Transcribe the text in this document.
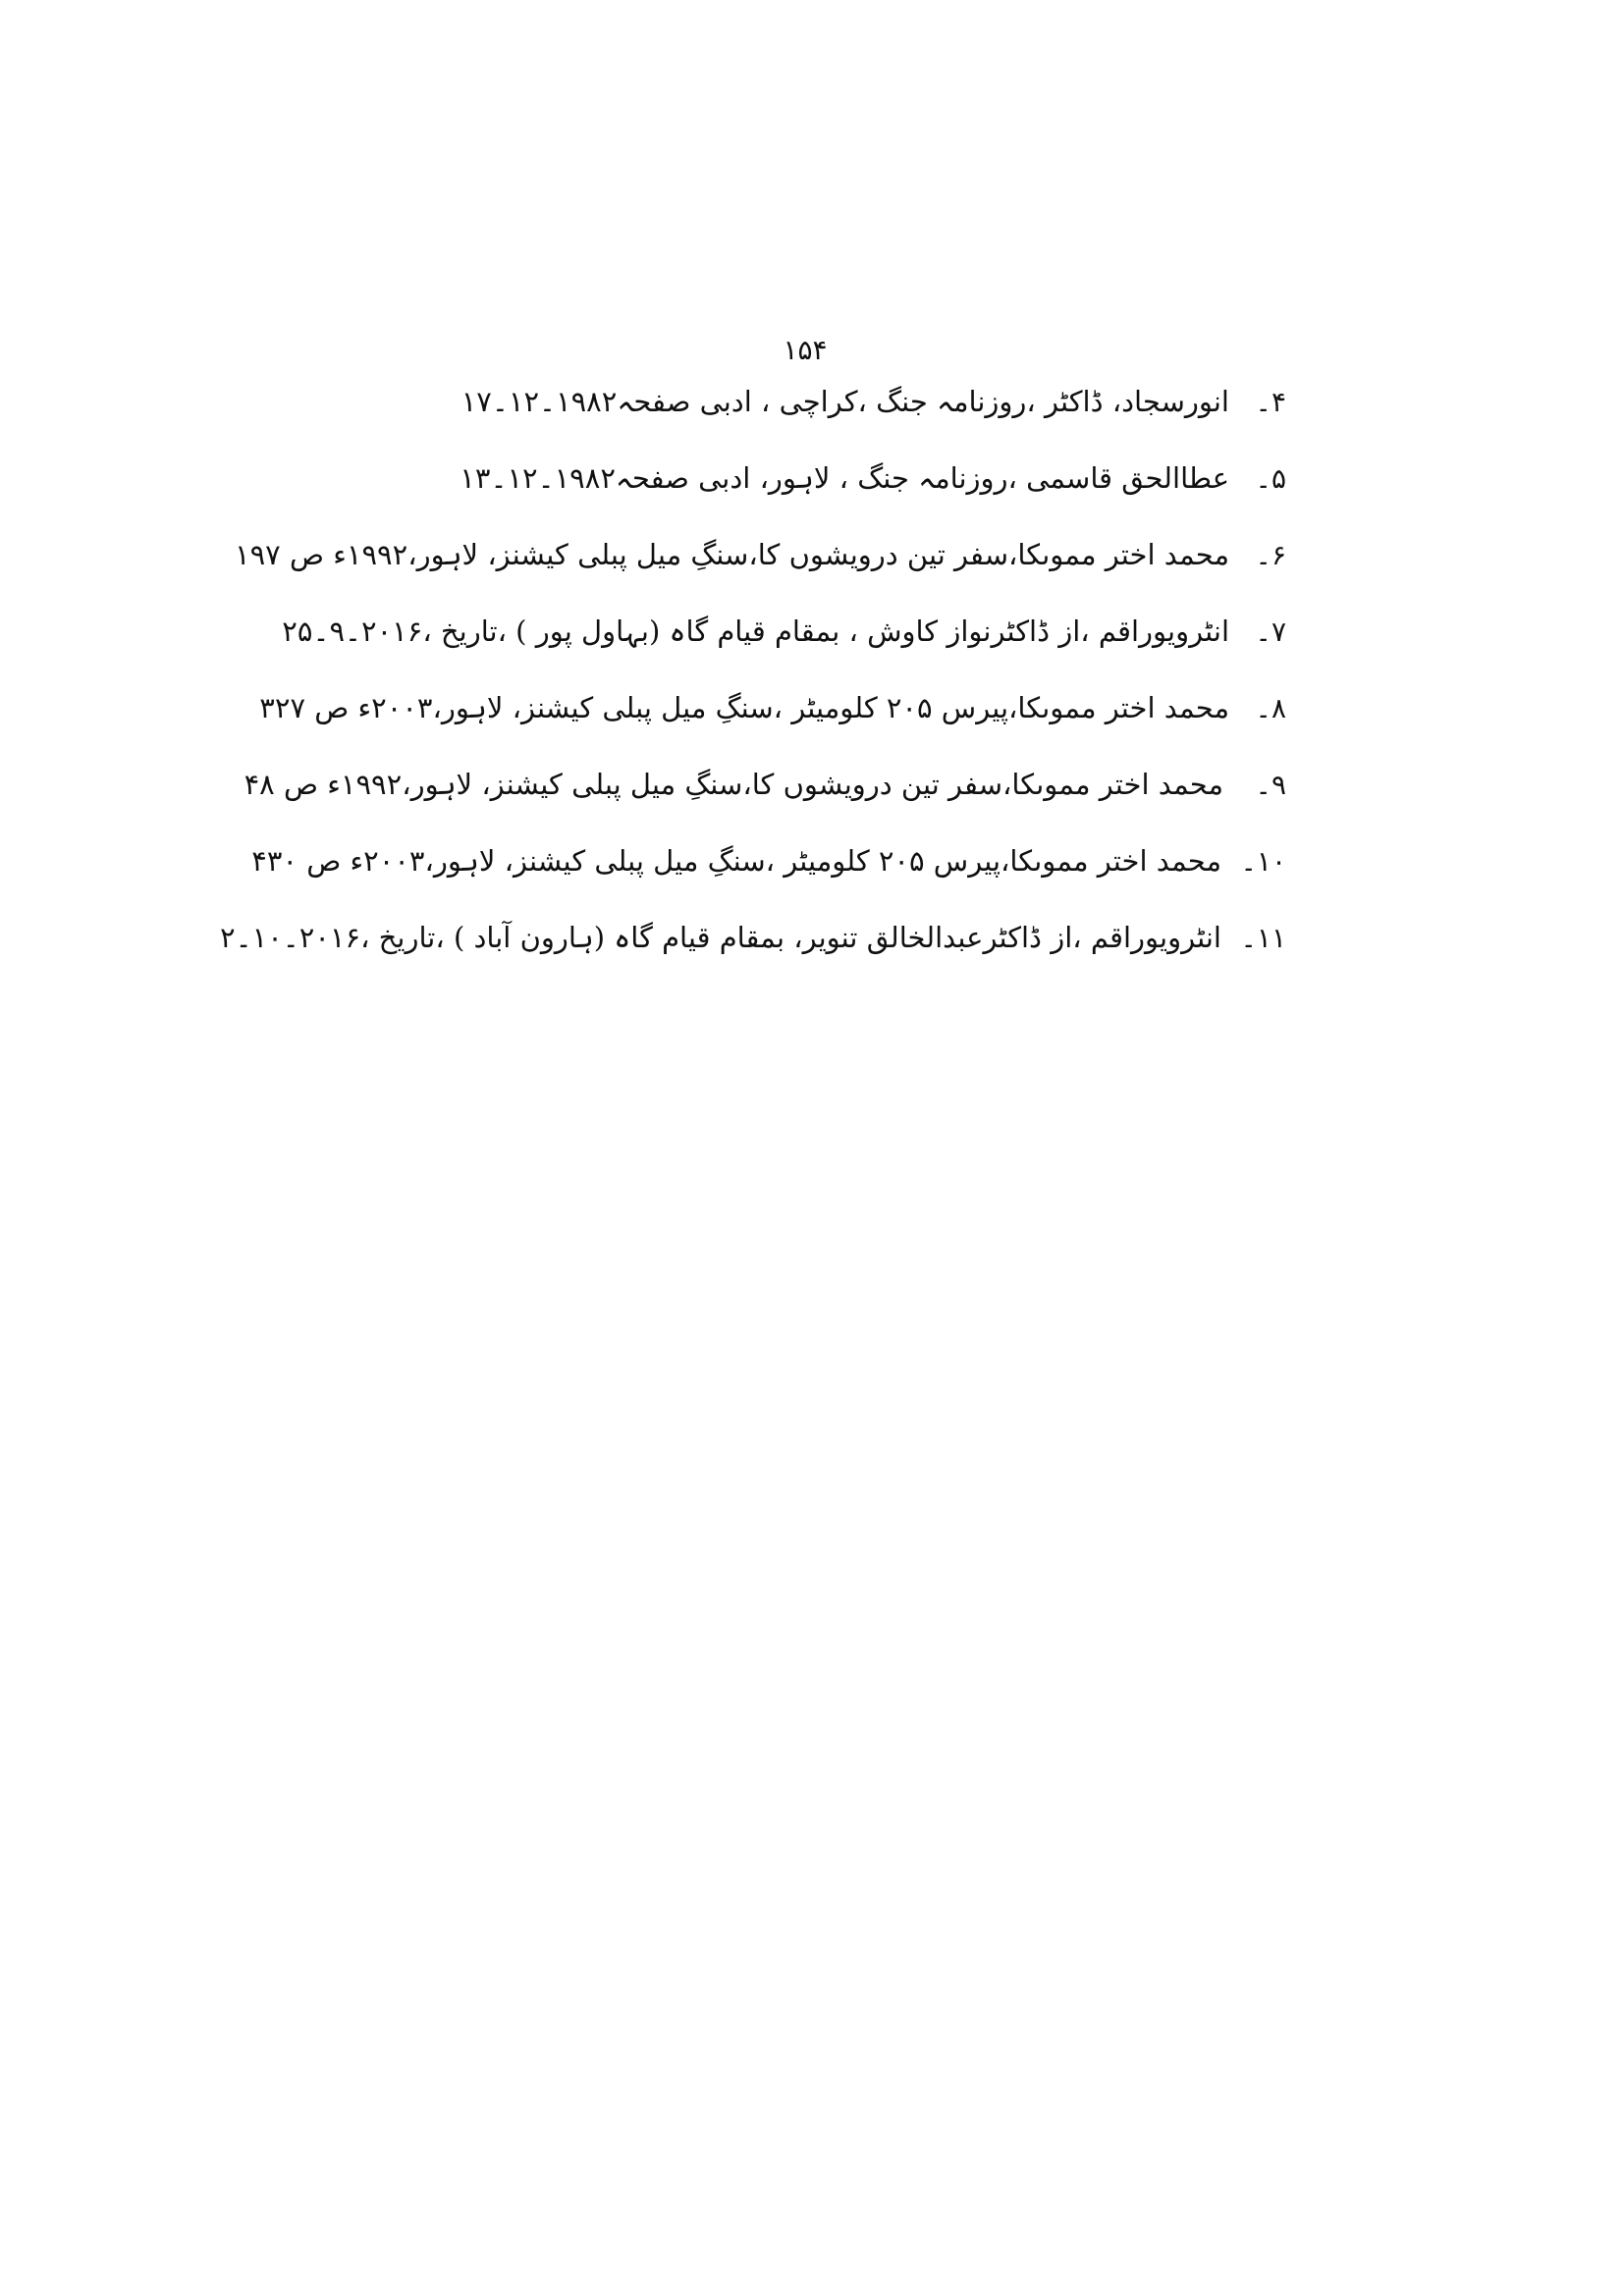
۱۵۴
۴۔
انورسجاد، ڈاکٹر ،روزنامہ جنگ ،کراچی ، ادبی صفحہ۱۹۸۲۔۱۲۔۱۷
۵۔
عطاالحق قاسمی ،روزنامہ جنگ ، لاہور، ادبی صفحہ۱۹۸۲۔۱۲۔۱۳
۶۔
محمد اختر مموںکا،سفر تین درویشوں کا،سنگِ میل پبلی کیشنز، لاہور،۱۹۹۲ء ص ۱۹۷
۷۔
انٹرویوراقم ،از ڈاکٹرنواز کاوش ، بمقام قیام گاہ (بہاول پور ) ،تاریخ ،۲۰۱۶۔۹۔۲۵
۸۔
محمد اختر مموںکا،پیرس ۲۰۵ کلومیٹر ،سنگِ میل پبلی کیشنز، لاہور،۲۰۰۳ء ص ۳۲۷
۹۔
محمد اختر مموںکا،سفر تین درویشوں کا،سنگِ میل پبلی کیشنز، لاہور،۱۹۹۲ء ص ۴۸
۱۰۔
محمد اختر مموںکا،پیرس ۲۰۵ کلومیٹر ،سنگِ میل پبلی کیشنز، لاہور،۲۰۰۳ء ص ۴۳۰
۱۱۔
انٹرویوراقم ،از ڈاکٹرعبدالخالق تنویر، بمقام قیام گاہ (ہارون آباد ) ،تاریخ ،۲۰۱۶۔۱۰۔۲
